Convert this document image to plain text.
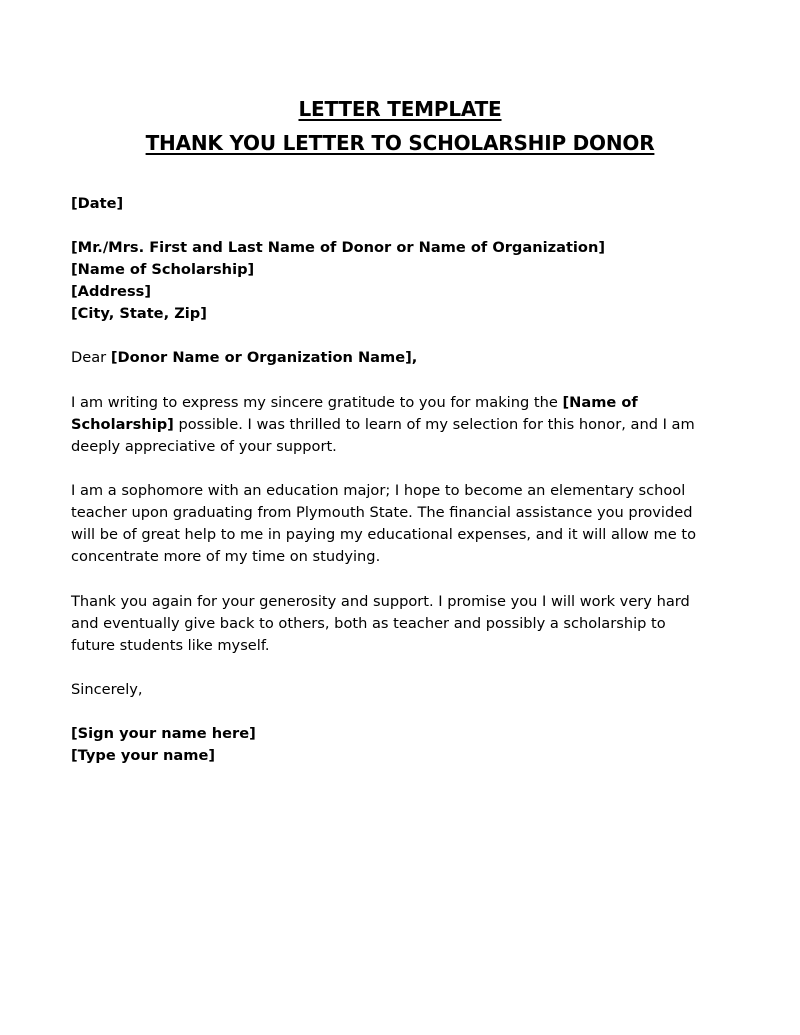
LETTER TEMPLATE
THANK YOU LETTER TO SCHOLARSHIP DONOR
[Date]
[Mr./Mrs. First and Last Name of Donor or Name of Organization]
[Name of Scholarship]
[Address]
[City, State, Zip]
Dear [Donor Name or Organization Name],
I am writing to express my sincere gratitude to you for making the [Name of
Scholarship] possible. I was thrilled to learn of my selection for this honor, and I am
deeply appreciative of your support.
I am a sophomore with an education major; I hope to become an elementary school
teacher upon graduating from Plymouth State. The financial assistance you provided
will be of great help to me in paying my educational expenses, and it will allow me to
concentrate more of my time on studying.
Thank you again for your generosity and support. I promise you I will work very hard
and eventually give back to others, both as teacher and possibly a scholarship to
future students like myself.
Sincerely,
[Sign your name here]
[Type your name]
